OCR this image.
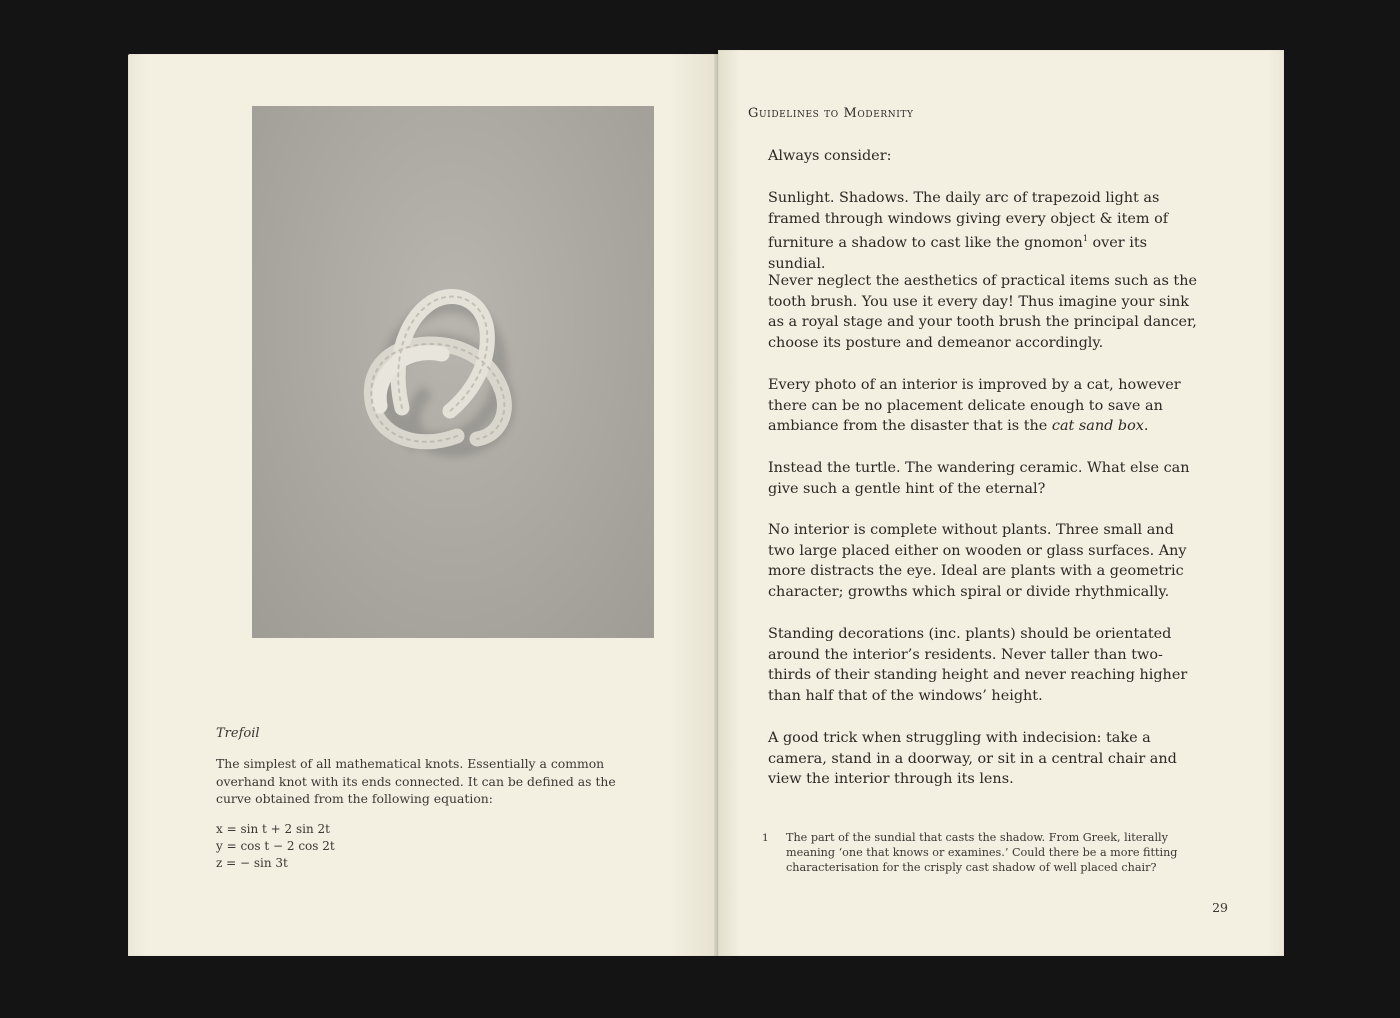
Trefoil
The simplest of all mathematical knots. Essentially a common overhand knot with its ends connected. It can be defined as the curve obtained from the following equation:
x = sin t + 2 sin 2t
y = cos t − 2 cos 2t
z = − sin 3t
Guidelines to Modernity
Always consider:
Sunlight. Shadows. The daily arc of trapezoid light as framed through windows giving every object & item of furniture a shadow to cast like the gnomon$^1$ over its sundial.
Never neglect the aesthetics of practical items such as the tooth brush. You use it every day! Thus imagine your sink as a royal stage and your tooth brush the principal dancer, choose its posture and demeanor accordingly.
Every photo of an interior is improved by a cat, however there can be no placement delicate enough to save an ambiance from the disaster that is the cat sand box.
Instead the turtle. The wandering ceramic. What else can give such a gentle hint of the eternal?
No interior is complete without plants. Three small and two large placed either on wooden or glass surfaces. Any more distracts the eye. Ideal are plants with a geometric character; growths which spiral or divide rhythmically.
Standing decorations (inc. plants) should be orientated around the interior’s residents. Never taller than two-thirds of their standing height and never reaching higher than half that of the windows’ height.
A good trick when struggling with indecision: take a camera, stand in a doorway, or sit in a central chair and view the interior through its lens.
1 The part of the sundial that casts the shadow. From Greek, literally meaning ‘one that knows or examines.’ Could there be a more fitting characterisation for the crisply cast shadow of well placed chair?
29
